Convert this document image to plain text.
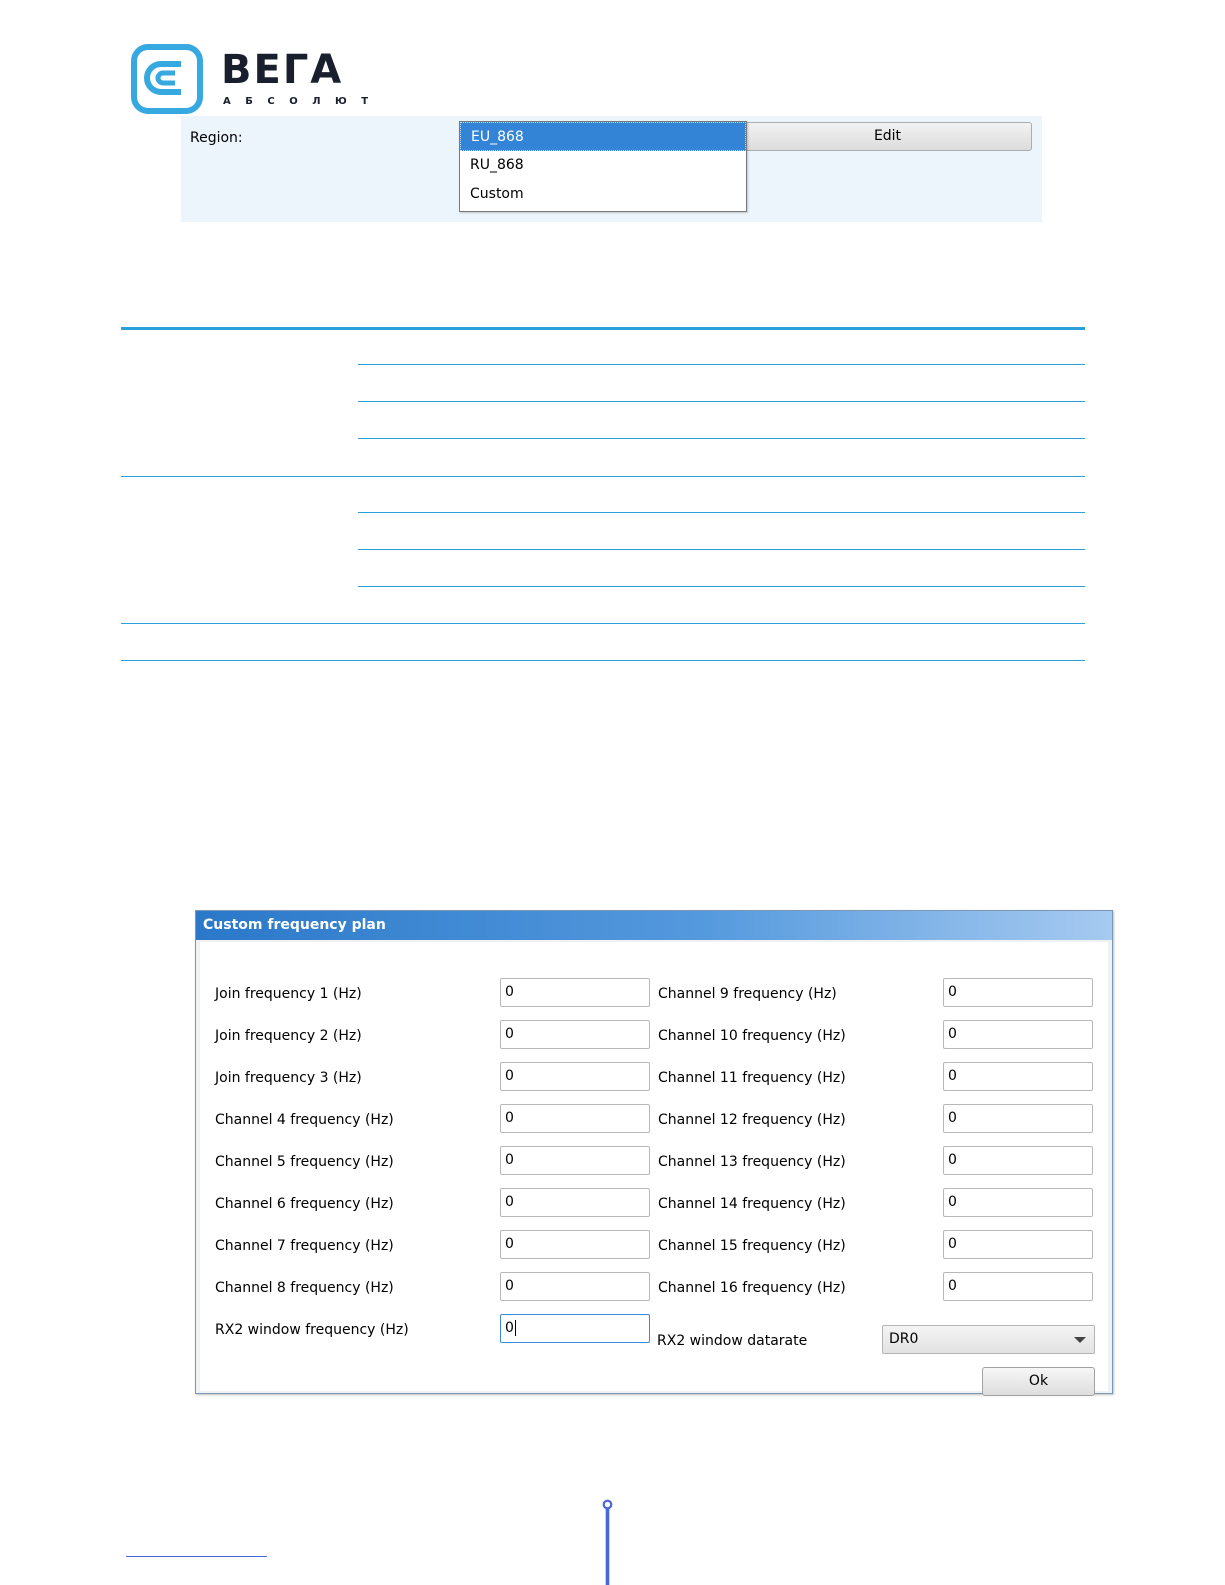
ВЕГА
АБСОЛЮТ
Region:	Edit
EU_868
RU_868
Custom
Custom frequency plan
Join frequency 1 (Hz)	0
Join frequency 2 (Hz)	0
Join frequency 3 (Hz)	0
Channel 4 frequency (Hz)	0
Channel 5 frequency (Hz)	0
Channel 6 frequency (Hz)	0
Channel 7 frequency (Hz)	0
Channel 8 frequency (Hz)	0
RX2 window frequency (Hz)	0
Channel 9 frequency (Hz)	0
Channel 10 frequency (Hz)	0
Channel 11 frequency (Hz)	0
Channel 12 frequency (Hz)	0
Channel 13 frequency (Hz)	0
Channel 14 frequency (Hz)	0
Channel 15 frequency (Hz)	0
Channel 16 frequency (Hz)	0
RX2 window datarate	DR0
Ok
